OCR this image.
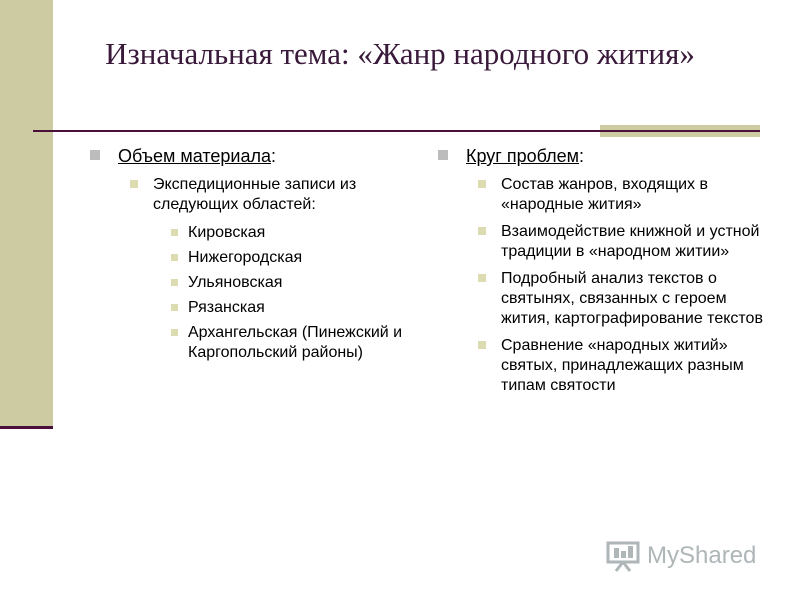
Изначальная тема: «Жанр народного жития»
Объем материала:
Экспедиционные записи из следующих областей:
Кировская
Нижегородская
Ульяновская
Рязанская
Архангельская (Пинежский и Каргопольский районы)
Круг проблем:
Состав жанров, входящих в «народные жития»
Взаимодействие книжной и устной традиции в «народном житии»
Подробный анализ текстов о святынях, связанных с героем жития, картографирование текстов
Сравнение «народных житий» святых, принадлежащих разным типам святости
MyShared
